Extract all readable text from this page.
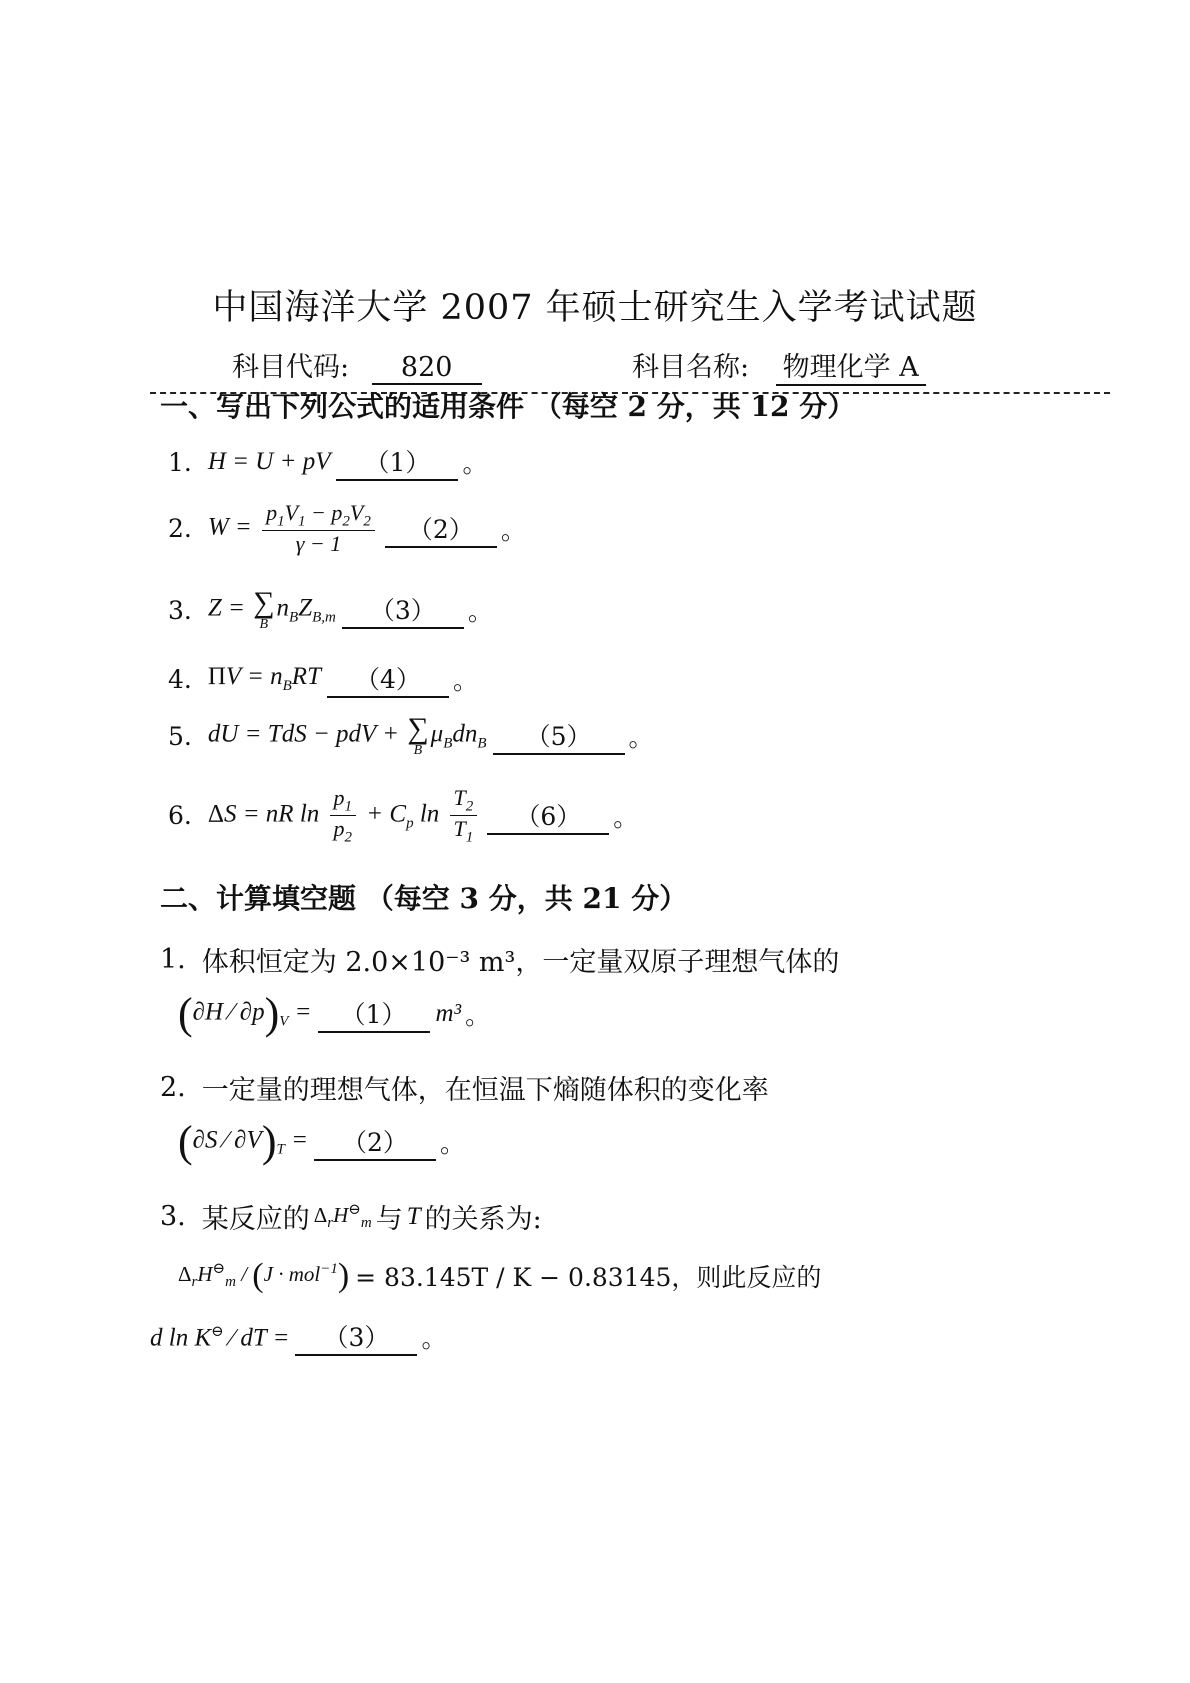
中国海洋大学 2007 年硕士研究生入学考试试题
科目代码: 820	科目名称: 物理化学 A
一、写出下列公式的适用条件 （每空 2 分，共 12 分）
1. H = U + pV	（1）	。
2. $W = \frac{p_1V_1 - p_2V_2}{\gamma - 1}$	（2）	。
3. Z = ∑
B
$n_BZ_{B,m}$	（3）	。
4. $\Pi V = n_BRT$	（4）	。
5. dU = TdS − pdV + ∑
B
$\mu_Bdn_B$	（5）	。
6. ΔS = nR $\ln \frac{p_1}{p_2} + C_p$ $\ln \frac{T_2}{T_1}$	（6）	。
二、计算填空题 （每空 3 分，共 21 分）
1. 体积恒定为 2.0×10⁻³ m³，一定量双原子理想气体的
(∂H ∕ $\partial p)_V$ =	（1）	m³ 。
2. 一定量的理想气体，在恒温下熵随体积的变化率
(∂S ∕ $\partial V)_T$ =	（2）	。
3. 某反应的 $\Delta_rH^⊖_m$ 与 T 的关系为:
$\Delta_rH^⊖_m / (J \cdot mol^{-1}) = 83.145T / K - 0.83145$，则此反应的
d ln K⊖ ∕ dT =	（3）	。
